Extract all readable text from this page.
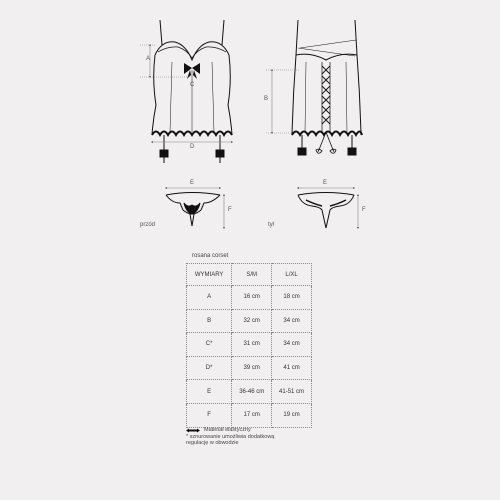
A
C
D
B
E
F
E
F
przód	tył
rosana corset
WYMIARY	S/M	L/XL
A	16 cm	18 cm
B	32 cm	34 cm
C*	31 cm	34 cm
D*	39 cm	41 cm
E	36-46 cm	41-51 cm
F	17 cm	19 cm
Materiał elastyczny
* sznurowanie umożliwia dodatkową
regulację w obwodzie
